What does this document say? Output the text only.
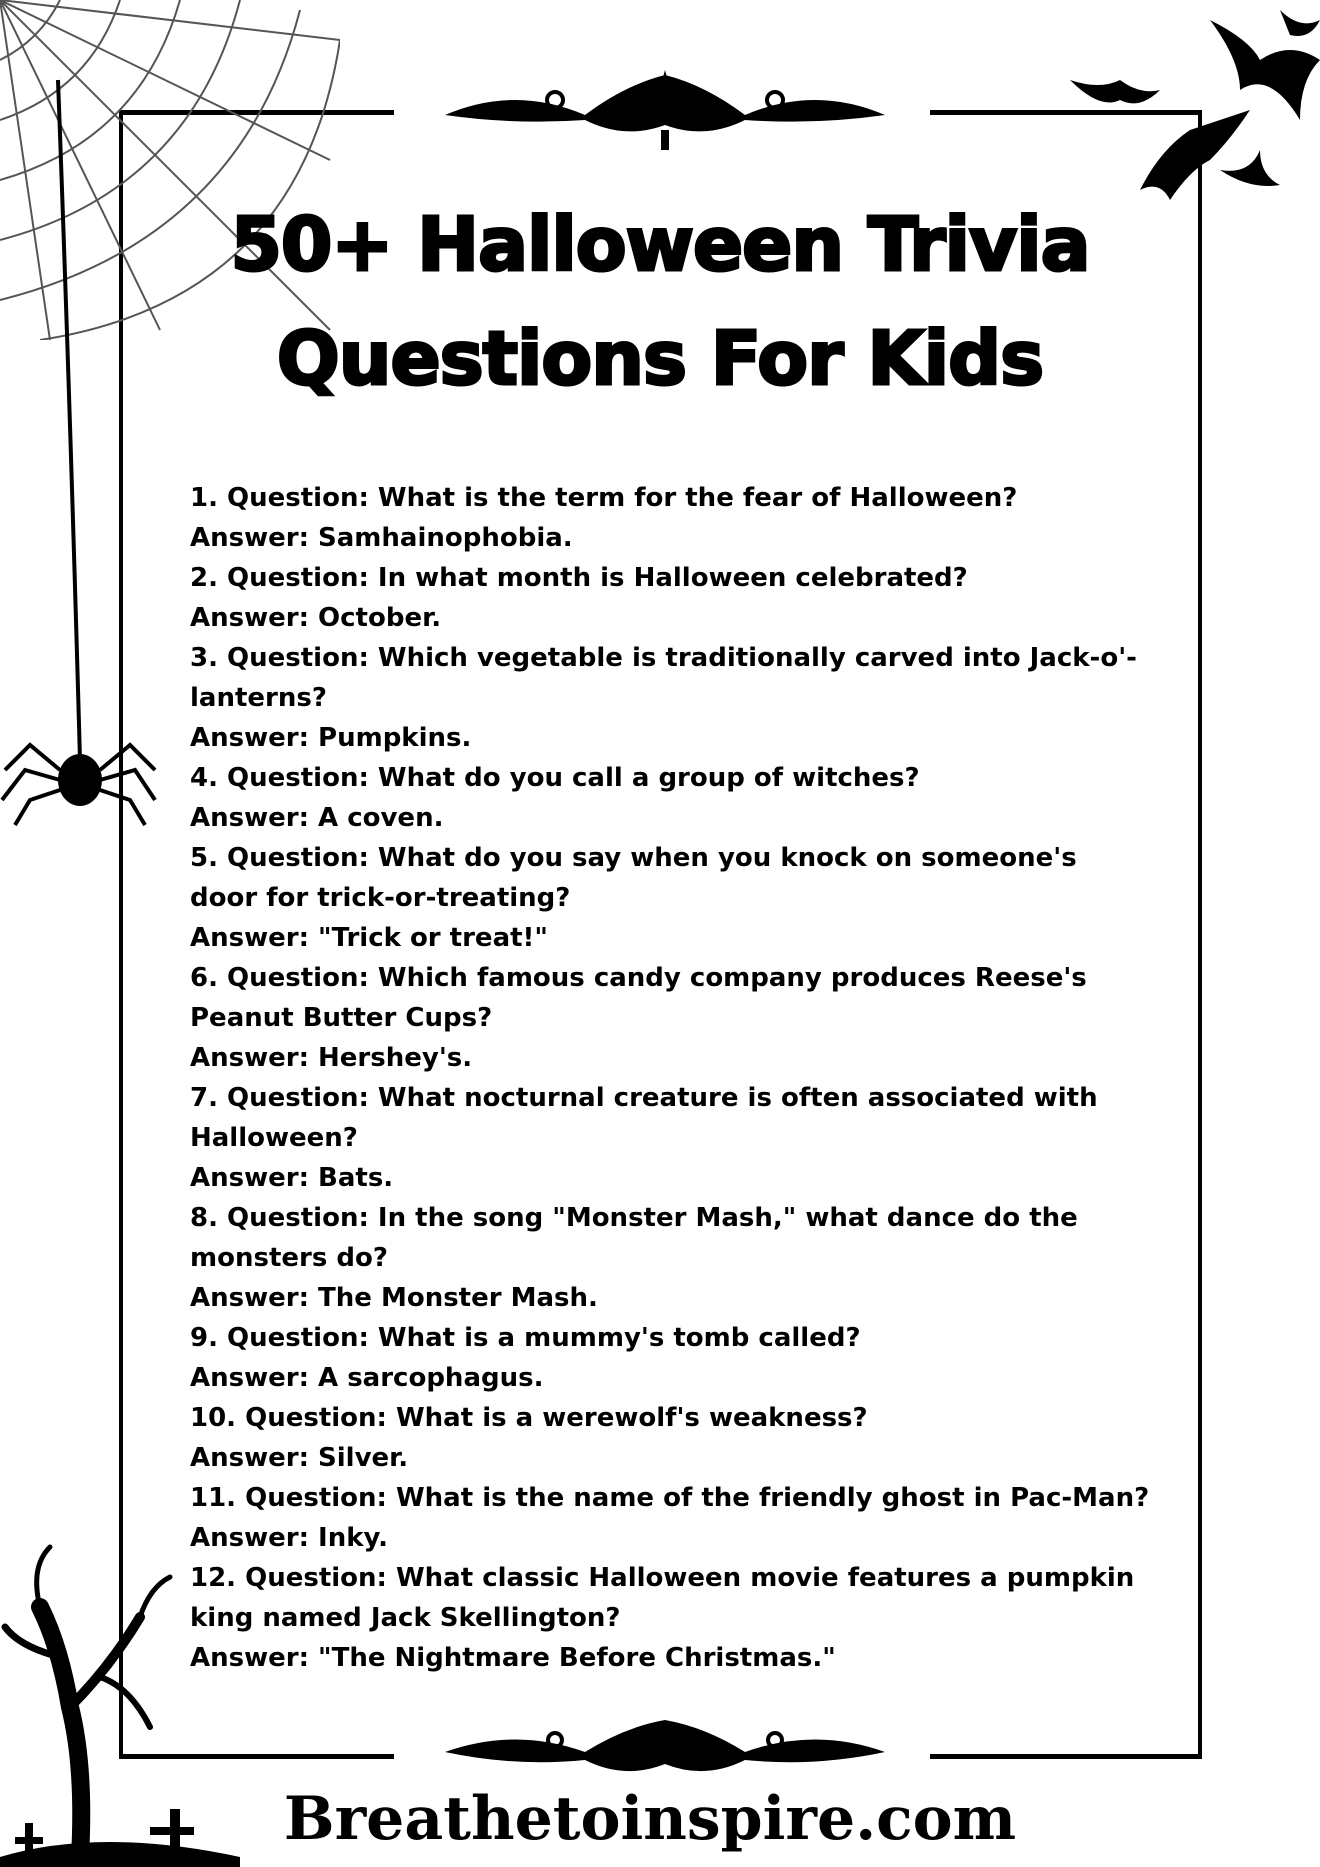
50+ Halloween Trivia
Questions For Kids
1. Question: What is the term for the fear of Halloween?
Answer: Samhainophobia.
2. Question: In what month is Halloween celebrated?
Answer: October.
3. Question: Which vegetable is traditionally carved into Jack-o'-lanterns?
Answer: Pumpkins.
4. Question: What do you call a group of witches?
Answer: A coven.
5. Question: What do you say when you knock on someone's door for trick-or-treating?
Answer: "Trick or treat!"
6. Question: Which famous candy company produces Reese's Peanut Butter Cups?
Answer: Hershey's.
7. Question: What nocturnal creature is often associated with Halloween?
Answer: Bats.
8. Question: In the song "Monster Mash," what dance do the monsters do?
Answer: The Monster Mash.
9. Question: What is a mummy's tomb called?
Answer: A sarcophagus.
10. Question: What is a werewolf's weakness?
Answer: Silver.
11. Question: What is the name of the friendly ghost in Pac-Man?
Answer: Inky.
12. Question: What classic Halloween movie features a pumpkin king named Jack Skellington?
Answer: "The Nightmare Before Christmas."
Breathetoinspire.com
